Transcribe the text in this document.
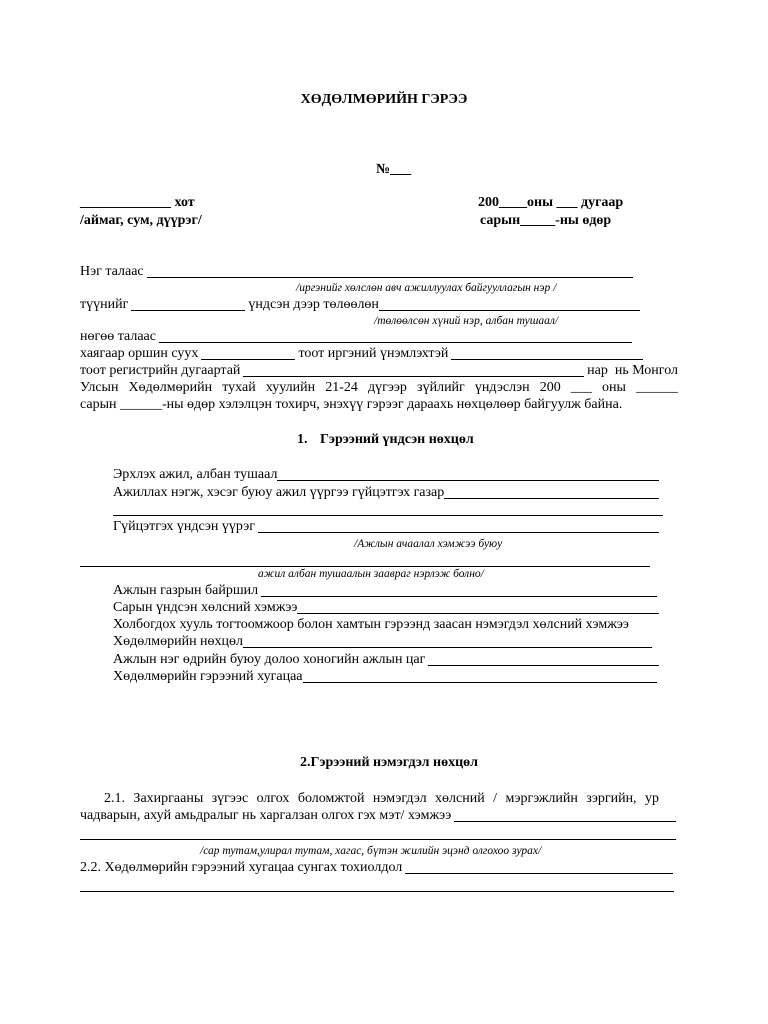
ХӨДӨЛМӨРИЙН ГЭРЭЭ
№___
_____________ хот
/аймаг, сум, дүүрэг/
200____оны ___ дугаар
сарын_____-ны өдөр
Нэг талаас
/иргэнийг хөлслөн авч ажиллуулах байгууллагын нэр /
түүнийг	үндсэн дээр төлөөлөн
/төлөөлсөн хүний нэр, албан тушаал/
нөгөө талаас
хаягаар оршин суух	тоот иргэний үнэмлэхтэй
тоот регистрийн дугаартай	нар  нь Монгол
Улсын Хөдөлмөрийн тухай хуулийн 21-24 дүгээр зүйлийг үндэслэн 200 ___ оны ______
сарын ______-ны өдөр хэлэлцэн тохирч, энэхүү гэрээг дараахь нөхцөлөөр байгуулж байна.
1. Гэрээний үндсэн нөхцөл
Эрхлэх ажил, албан тушаал
Ажиллах нэгж, хэсэг буюу ажил үүргээ гүйцэтгэх газар
Гүйцэтгэх үндсэн үүрэг
/Ажлын ачаалал хэмжээ буюу
ажил албан тушаалын заавраг нэрлэж болно/
Ажлын газрын байршил
Сарын үндсэн хөлсний хэмжээ
Холбогдох хууль тогтоомжоор болон хамтын гэрээнд заасан нэмэгдэл хөлсний хэмжээ
Хөдөлмөрийн нөхцөл
Ажлын нэг өдрийн буюу долоо хоногийн ажлын цаг
Хөдөлмөрийн гэрээний хугацаа
2.Гэрээний нэмэгдэл нөхцөл
2.1. Захиргааны зүгээс олгох боломжтой нэмэгдэл хөлсний / мэргэжлийн зэргийн, ур
чадварын, ахуй амьдралыг нь харгалзан олгох гэх мэт/ хэмжээ
/сар тутам,улирал тутам, хагас, бүтэн жилийн эцэнд олгохоо зурах/
2.2. Хөдөлмөрийн гэрээний хугацаа сунгах тохиолдол
